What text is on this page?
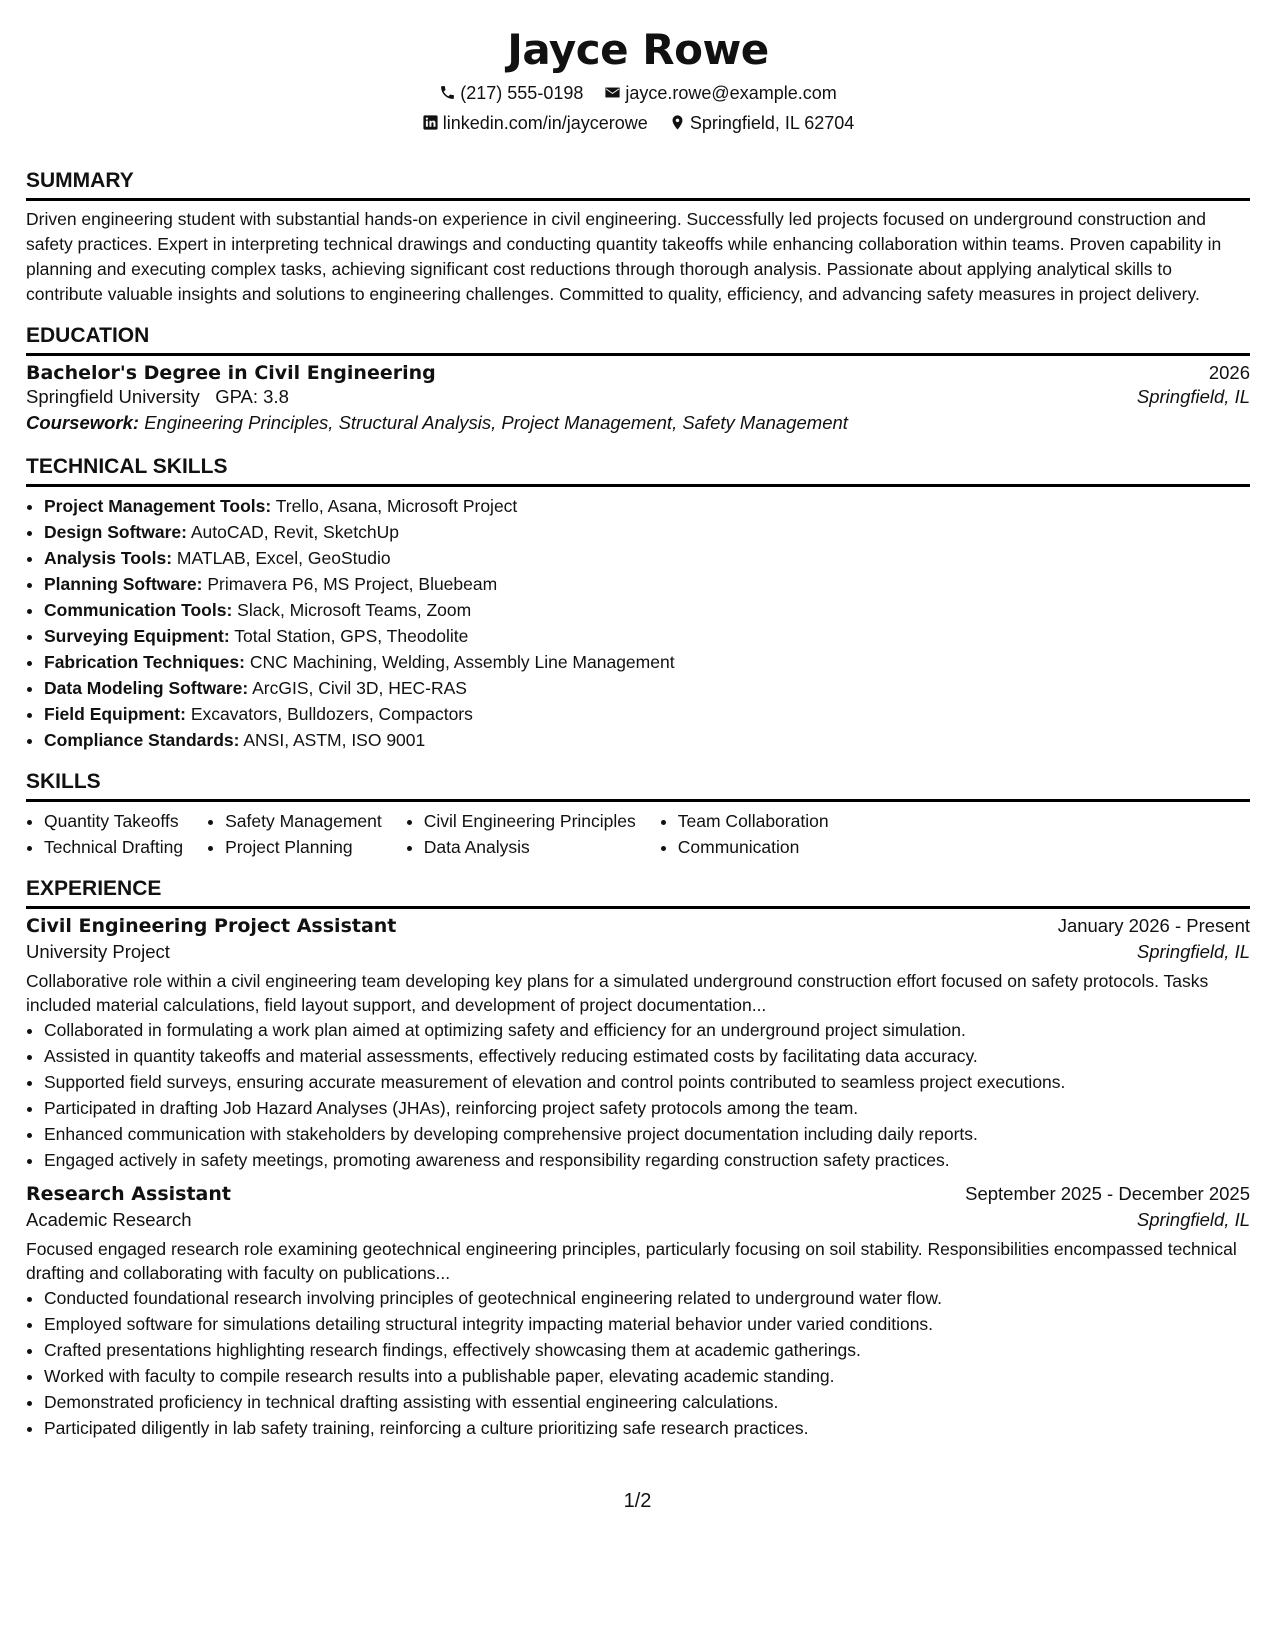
Jayce Rowe
(217) 555-0198 jayce.rowe@example.com
linkedin.com/in/jaycerowe Springfield, IL 62704
SUMMARY

Driven engineering student with substantial hands-on experience in civil engineering. Successfully led projects focused on underground construction and safety practices. Expert in interpreting technical drawings and conducting quantity takeoffs while enhancing collaboration within teams. Proven capability in planning and executing complex tasks, achieving significant cost reductions through thorough analysis. Passionate about applying analytical skills to contribute valuable insights and solutions to engineering challenges. Committed to quality, efficiency, and advancing safety measures in project delivery.

EDUCATION
Bachelor's Degree in Civil Engineering	2026
Springfield University GPA: 3.8	Springfield, IL
Coursework: Engineering Principles, Structural Analysis, Project Management, Safety Management
TECHNICAL SKILLS
• Project Management Tools: Trello, Asana, Microsoft Project
• Design Software: AutoCAD, Revit, SketchUp
• Analysis Tools: MATLAB, Excel, GeoStudio
• Planning Software: Primavera P6, MS Project, Bluebeam
• Communication Tools: Slack, Microsoft Teams, Zoom
• Surveying Equipment: Total Station, GPS, Theodolite
• Fabrication Techniques: CNC Machining, Welding, Assembly Line Management
• Data Modeling Software: ArcGIS, Civil 3D, HEC-RAS
• Field Equipment: Excavators, Bulldozers, Compactors
• Compliance Standards: ANSI, ASTM, ISO 9001
SKILLS
• Quantity Takeoffs
• Technical Drafting
• Safety Management
• Project Planning
• Civil Engineering Principles
• Data Analysis
• Team Collaboration
• Communication
EXPERIENCE
Civil Engineering Project Assistant	January 2026 - Present
University Project	Springfield, IL
Collaborative role within a civil engineering team developing key plans for a simulated underground construction effort focused on safety protocols. Tasks included material calculations, field layout support, and development of project documentation...
• Collaborated in formulating a work plan aimed at optimizing safety and efficiency for an underground project simulation.
• Assisted in quantity takeoffs and material assessments, effectively reducing estimated costs by facilitating data accuracy.
• Supported field surveys, ensuring accurate measurement of elevation and control points contributed to seamless project executions.
• Participated in drafting Job Hazard Analyses (JHAs), reinforcing project safety protocols among the team.
• Enhanced communication with stakeholders by developing comprehensive project documentation including daily reports.
• Engaged actively in safety meetings, promoting awareness and responsibility regarding construction safety practices.
Research Assistant	September 2025 - December 2025
Academic Research	Springfield, IL
Focused engaged research role examining geotechnical engineering principles, particularly focusing on soil stability. Responsibilities encompassed technical drafting and collaborating with faculty on publications...
• Conducted foundational research involving principles of geotechnical engineering related to underground water flow.
• Employed software for simulations detailing structural integrity impacting material behavior under varied conditions.
• Crafted presentations highlighting research findings, effectively showcasing them at academic gatherings.
• Worked with faculty to compile research results into a publishable paper, elevating academic standing.
• Demonstrated proficiency in technical drafting assisting with essential engineering calculations.
• Participated diligently in lab safety training, reinforcing a culture prioritizing safe research practices.
1/2
